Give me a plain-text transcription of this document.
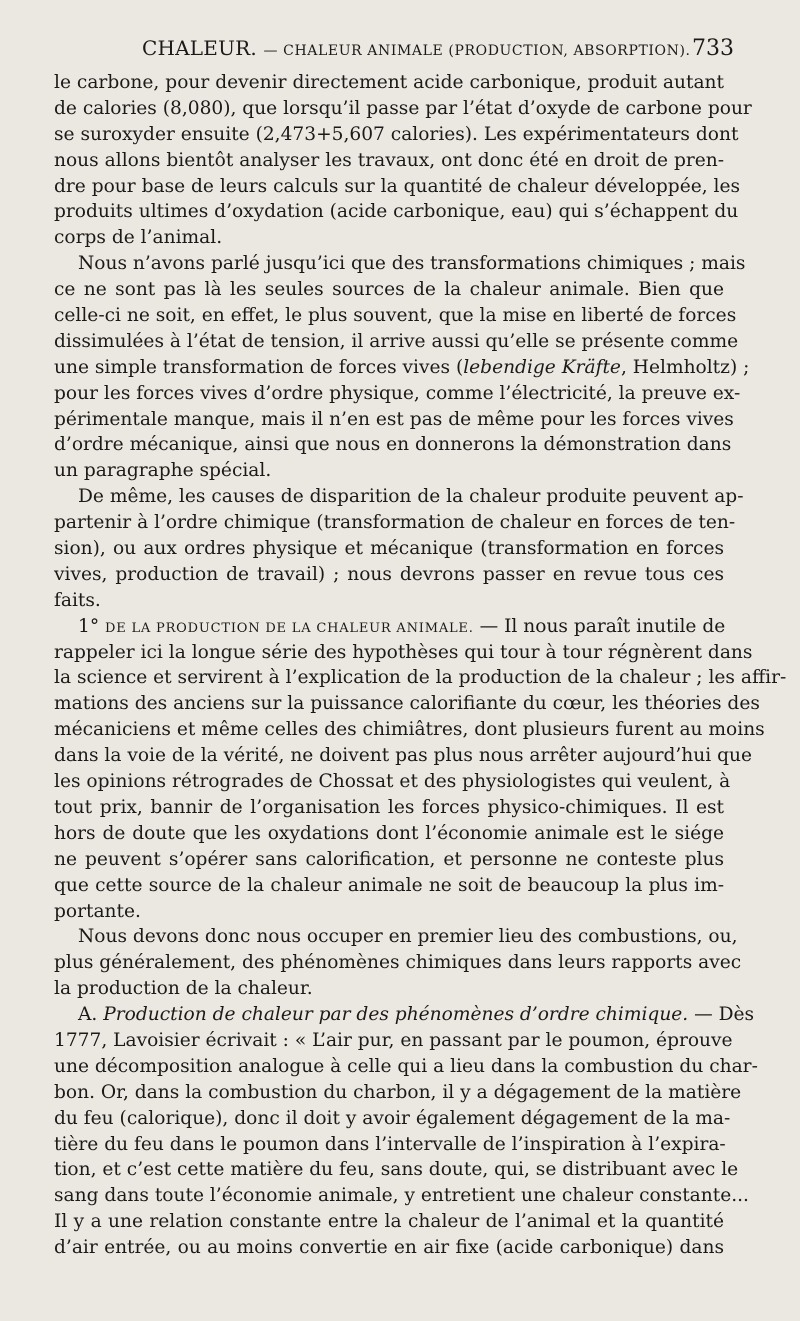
CHALEUR. — CHALEUR ANIMALE (PRODUCTION, ABSORPTION). 733
le carbone, pour devenir directement acide carbonique, produit autant
de calories (8,080), que lorsqu’il passe par l’état d’oxyde de carbone pour
se suroxyder ensuite (2,473+5,607 calories). Les expérimentateurs dont
nous allons bientôt analyser les travaux, ont donc été en droit de pren-
dre pour base de leurs calculs sur la quantité de chaleur développée, les
produits ultimes d’oxydation (acide carbonique, eau) qui s’échappent du
corps de l’animal.
Nous n’avons parlé jusqu’ici que des transformations chimiques ; mais
ce ne sont pas là les seules sources de la chaleur animale. Bien que
celle-ci ne soit, en effet, le plus souvent, que la mise en liberté de forces
dissimulées à l’état de tension, il arrive aussi qu’elle se présente comme
une simple transformation de forces vives (lebendige Kräfte, Helmholtz) ;
pour les forces vives d’ordre physique, comme l’électricité, la preuve ex-
périmentale manque, mais il n’en est pas de même pour les forces vives
d’ordre mécanique, ainsi que nous en donnerons la démonstration dans
un paragraphe spécial.
De même, les causes de disparition de la chaleur produite peuvent ap-
partenir à l’ordre chimique (transformation de chaleur en forces de ten-
sion), ou aux ordres physique et mécanique (transformation en forces
vives, production de travail) ; nous devrons passer en revue tous ces
faits.
1° DE LA PRODUCTION DE LA CHALEUR ANIMALE. — Il nous paraît inutile de
rappeler ici la longue série des hypothèses qui tour à tour régnèrent dans
la science et servirent à l’explication de la production de la chaleur ; les affir-
mations des anciens sur la puissance calorifiante du cœur, les théories des
mécaniciens et même celles des chimiâtres, dont plusieurs furent au moins
dans la voie de la vérité, ne doivent pas plus nous arrêter aujourd’hui que
les opinions rétrogrades de Chossat et des physiologistes qui veulent, à
tout prix, bannir de l’organisation les forces physico-chimiques. Il est
hors de doute que les oxydations dont l’économie animale est le siége
ne peuvent s’opérer sans calorification, et personne ne conteste plus
que cette source de la chaleur animale ne soit de beaucoup la plus im-
portante.
Nous devons donc nous occuper en premier lieu des combustions, ou,
plus généralement, des phénomènes chimiques dans leurs rapports avec
la production de la chaleur.
A. Production de chaleur par des phénomènes d’ordre chimique. — Dès
1777, Lavoisier écrivait : « L’air pur, en passant par le poumon, éprouve
une décomposition analogue à celle qui a lieu dans la combustion du char-
bon. Or, dans la combustion du charbon, il y a dégagement de la matière
du feu (calorique), donc il doit y avoir également dégagement de la ma-
tière du feu dans le poumon dans l’intervalle de l’inspiration à l’expira-
tion, et c’est cette matière du feu, sans doute, qui, se distribuant avec le
sang dans toute l’économie animale, y entretient une chaleur constante...
Il y a une relation constante entre la chaleur de l’animal et la quantité
d’air entrée, ou au moins convertie en air fixe (acide carbonique) dans
